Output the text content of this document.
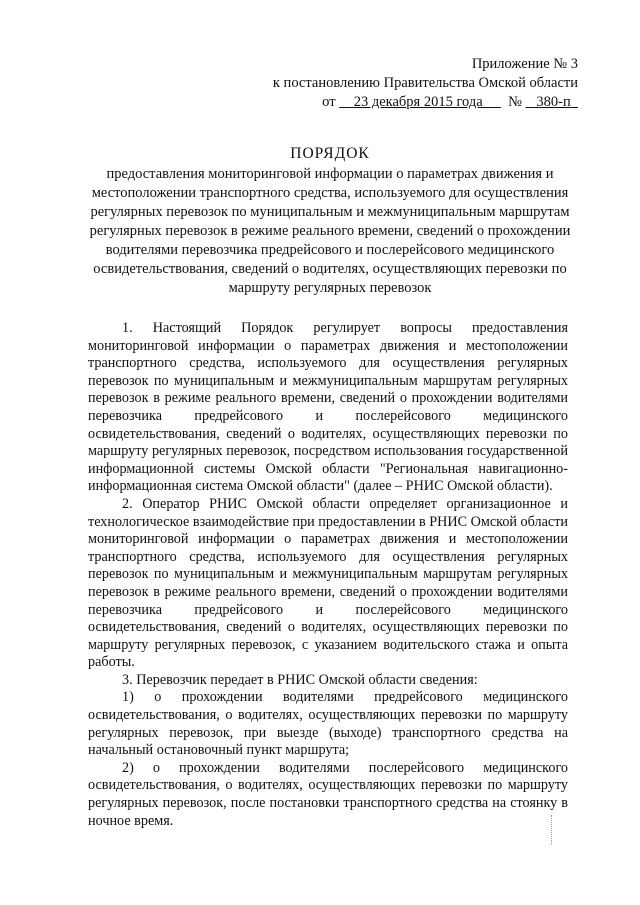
Приложение № 3
к постановлению Правительства Омской области
от 23 декабря 2015 года № 380-п
ПОРЯДОК
предоставления мониторинговой информации о параметрах движения и местоположении транспортного средства, используемого для осуществления регулярных перевозок по муниципальным и межмуниципальным маршрутам регулярных перевозок в режиме реального времени, сведений о прохождении водителями перевозчика предрейсового и послерейсового медицинского освидетельствования, сведений о водителях, осуществляющих перевозки по маршруту регулярных перевозок

1. Настоящий Порядок регулирует вопросы предоставления мониторинговой информации о параметрах движения и местоположении транспортного средства, используемого для осуществления регулярных перевозок по муниципальным и межмуниципальным маршрутам регулярных перевозок в режиме реального времени, сведений о прохождении водителями перевозчика предрейсового и послерейсового медицинского освидетельствования, сведений о водителях, осуществляющих перевозки по маршруту регулярных перевозок, посредством использования государственной информационной системы Омской области "Региональная навигационно-информационная система Омской области" (далее – РНИС Омской области).

2. Оператор РНИС Омской области определяет организационное и технологическое взаимодействие при предоставлении в РНИС Омской области мониторинговой информации о параметрах движения и местоположении транспортного средства, используемого для осуществления регулярных перевозок по муниципальным и межмуниципальным маршрутам регулярных перевозок в режиме реального времени, сведений о прохождении водителями перевозчика предрейсового и послерейсового медицинского освидетельствования, сведений о водителях, осуществляющих перевозки по маршруту регулярных перевозок, с указанием водительского стажа и опыта работы.

3. Перевозчик передает в РНИС Омской области сведения:

1) о прохождении водителями предрейсового медицинского освидетельствования, о водителях, осуществляющих перевозки по маршруту регулярных перевозок, при выезде (выходе) транспортного средства на начальный остановочный пункт маршрута;

2) о прохождении водителями послерейсового медицинского освидетельствования, о водителях, осуществляющих перевозки по маршруту регулярных перевозок, после постановки транспортного средства на стоянку в ночное время.
